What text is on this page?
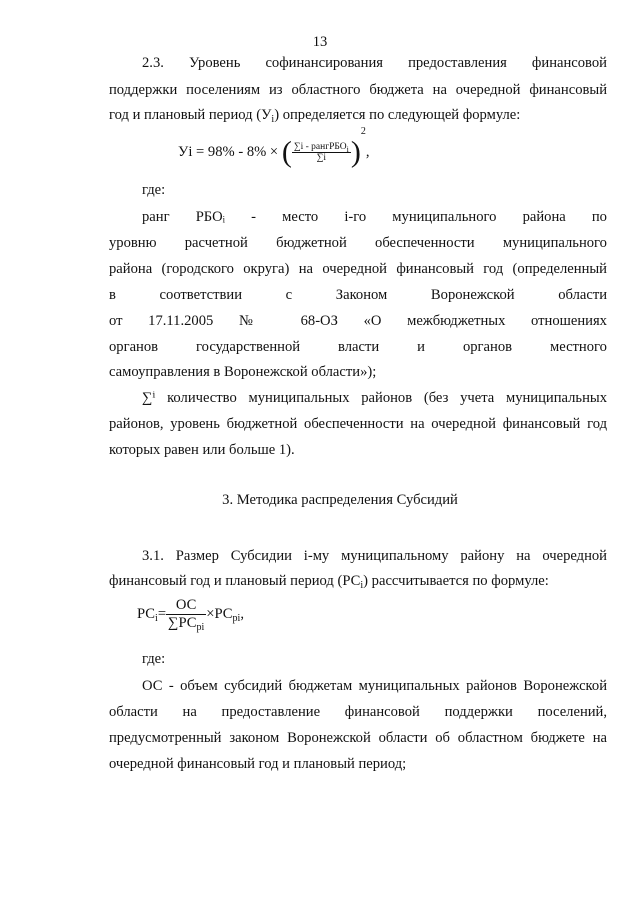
13
2.3. Уровень софинансирования предоставления финансовой
поддержки поселениям из областного бюджета на очередной финансовый
год и плановый период $(У_i)$ определяется по следующей формуле:
Уi = 98% - 8% × ( $\frac{\sum i - рангРБО_i}{\sum i} )^2$,
где:
ранг РБОᵢ - место i-го муниципального района по
уровню расчетной бюджетной обеспеченности муниципального
района (городского округа) на очередной финансовый год (определенный
в	соответствии	с	Законом	Воронежской	области
от 17.11.2005 № 68-ОЗ «О межбюджетных отношениях
органов	государственной	власти	и	органов	местного
самоуправления в Воронежской области»);
∑ⁱ количество муниципальных районов (без учета муниципальных
районов, уровень бюджетной обеспеченности на очередной финансовый год
которых равен или больше 1).
3. Методика распределения Субсидий
3.1. Размер Субсидии i-му муниципальному району на очередной
финансовый год и плановый период $(РС_i)$ рассчитывается по формуле:
$РС_i= \frac{ОС}{\sum РС_{pi}} \times РС_{pi}$,
где:
ОС - объем субсидий бюджетам муниципальных районов Воронежской
области на предоставление финансовой поддержки поселений,
предусмотренный законом Воронежской области об областном бюджете на
очередной финансовый год и плановый период;
